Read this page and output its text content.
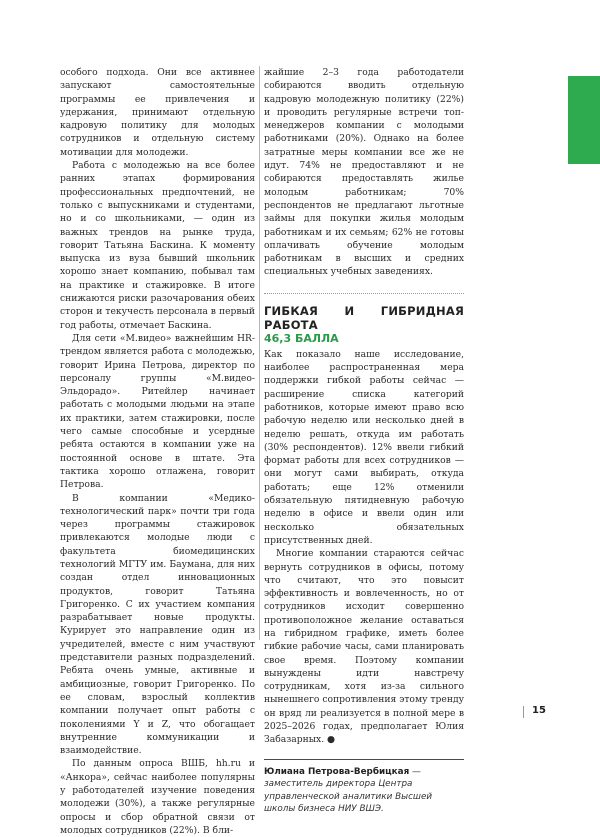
особого подхода. Они все активнее запускают самостоятельные программы ее привлечения и удержания, принимают отдельную кадровую политику для молодых сотрудников и отдельную систему мотивации для молодежи.

Работа с молодежью на все более ранних этапах формирования профессиональных предпочтений, не только с выпускниками и студентами, но и со школьниками, — один из важных трендов на рынке труда, говорит Татьяна Баскина. К моменту выпуска из вуза бывший школьник хорошо знает компанию, побывал там на практике и стажировке. В итоге снижаются риски разочарования обеих сторон и текучесть персонала в первый год работы, отмечает Баскина.

Для сети «М.видео» важнейшим HR-трендом является работа с молодежью, говорит Ирина Петрова, директор по персоналу группы «М.видео-Эльдорадо». Ритейлер начинает работать с молодыми людьми на этапе их практики, затем стажировки, после чего самые способные и усердные ребята остаются в компании уже на постоянной основе в штате. Эта тактика хорошо отлажена, говорит Петрова.

В компании «Медико-технологический парк» почти три года через программы стажировок привлекаются молодые люди с факультета биомедицинских технологий МГТУ им. Баумана, для них создан отдел инновационных продуктов, говорит Татьяна Григоренко. С их участием компания разрабатывает новые продукты. Курирует это направление один из учредителей, вместе с ним участвуют представители разных подразделений. Ребята очень умные, активные и амбициозные, говорит Григоренко. По ее словам, взрослый коллектив компании получает опыт работы с поколениями Y и Z, что обогащает внутренние коммуникации и взаимодействие.

По данным опроса ВШБ, hh.ru и «Анкора», сейчас наиболее популярны у работодателей изучение поведения молодежи (30%), а также регулярные опросы и сбор обратной связи от молодых сотрудников (22%). В бли-

жайшие 2–3 года работодатели собираются вводить отдельную кадровую молодежную политику (22%) и проводить регулярные встречи топ-менеджеров компании с молодыми работниками (20%). Однако на более затратные меры компании все же не идут. 74% не предоставляют и не собираются предоставлять жилье молодым работникам; 70% респондентов не предлагают льготные займы для покупки жилья молодым работникам и их семьям; 62% не готовы оплачивать обучение молодым работникам в высших и средних специальных учебных заведениях.

ГИБКАЯ И ГИБРИДНАЯ РАБОТА
46,3 БАЛЛА

Как показало наше исследование, наиболее распространенная мера поддержки гибкой работы сейчас — расширение списка категорий работников, которые имеют право всю рабочую неделю или несколько дней в неделю решать, откуда им работать (30% респондентов). 12% ввели гибкий формат работы для всех сотрудников — они могут сами выбирать, откуда работать; еще 12% отменили обязательную пятидневную рабочую неделю в офисе и ввели один или несколько обязательных присутственных дней.

Многие компании стараются сейчас вернуть сотрудников в офисы, потому что считают, что это повысит эффективность и вовлеченность, но от сотрудников исходит совершенно противоположное желание оставаться на гибридном графике, иметь более гибкие рабочие часы, сами планировать свое время. Поэтому компании вынуждены идти навстречу сотрудникам, хотя из-за сильного нынешнего сопротивления этому тренду он вряд ли реализуется в полной мере в 2025–2026 годах, предполагает Юлия Забазарных. ●

Юлиана Петрова-Вербицкая — заместитель директора Центра управленческой аналитики Высшей школы бизнеса НИУ ВШЭ.
15
